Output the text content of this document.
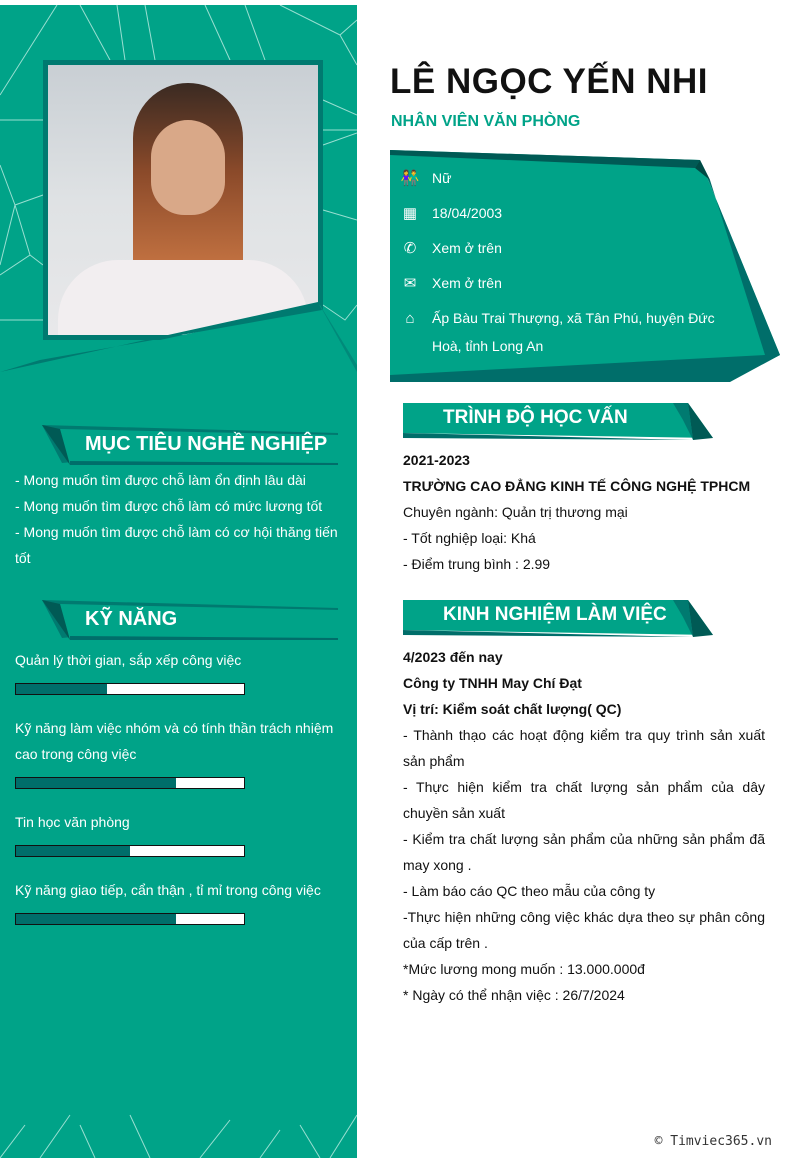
MỤC TIÊU NGHỀ NGHIỆP
- Mong muốn tìm được chỗ làm ổn định lâu dài
- Mong muốn tìm được chỗ làm có mức lương tốt
- Mong muốn tìm được chỗ làm có cơ hội thăng tiến tốt
KỸ NĂNG
Quản lý thời gian, sắp xếp công việc
Kỹ năng làm việc nhóm và có tính thần trách nhiệm cao trong công việc
Tin học văn phòng
Kỹ năng giao tiếp, cẩn thận , tỉ mỉ trong công việc
LÊ NGỌC YẾN NHI
NHÂN VIÊN VĂN PHÒNG
👫 Nữ
▦ 18/04/2003
✆ Xem ở trên
✉ Xem ở trên
⌂	Ấp Bàu Trai Thượng, xã Tân Phú, huyện Đức
Hoà, tỉnh Long An
TRÌNH ĐỘ HỌC VẤN
2021-2023
TRƯỜNG CAO ĐẲNG KINH TẾ CÔNG NGHỆ TPHCM
Chuyên ngành: Quản trị thương mại
- Tốt nghiệp loại: Khá
- Điểm trung bình : 2.99
KINH NGHIỆM LÀM VIỆC
4/2023 đến nay
Công ty TNHH May Chí Đạt
Vị trí: Kiểm soát chất lượng( QC)
- Thành thạo các hoạt động kiểm tra quy trình sản xuất sản phẩm
- Thực hiện kiểm tra chất lượng sản phẩm của dây chuyền sản xuất
- Kiểm tra chất lượng sản phẩm của những sản phẩm đã may xong .
- Làm báo cáo QC theo mẫu của công ty
-Thực hiện những công việc khác dựa theo sự phân công của cấp trên .
*Mức lương mong muốn : 13.000.000đ
* Ngày có thể nhận việc : 26/7/2024
© Timviec365.vn
